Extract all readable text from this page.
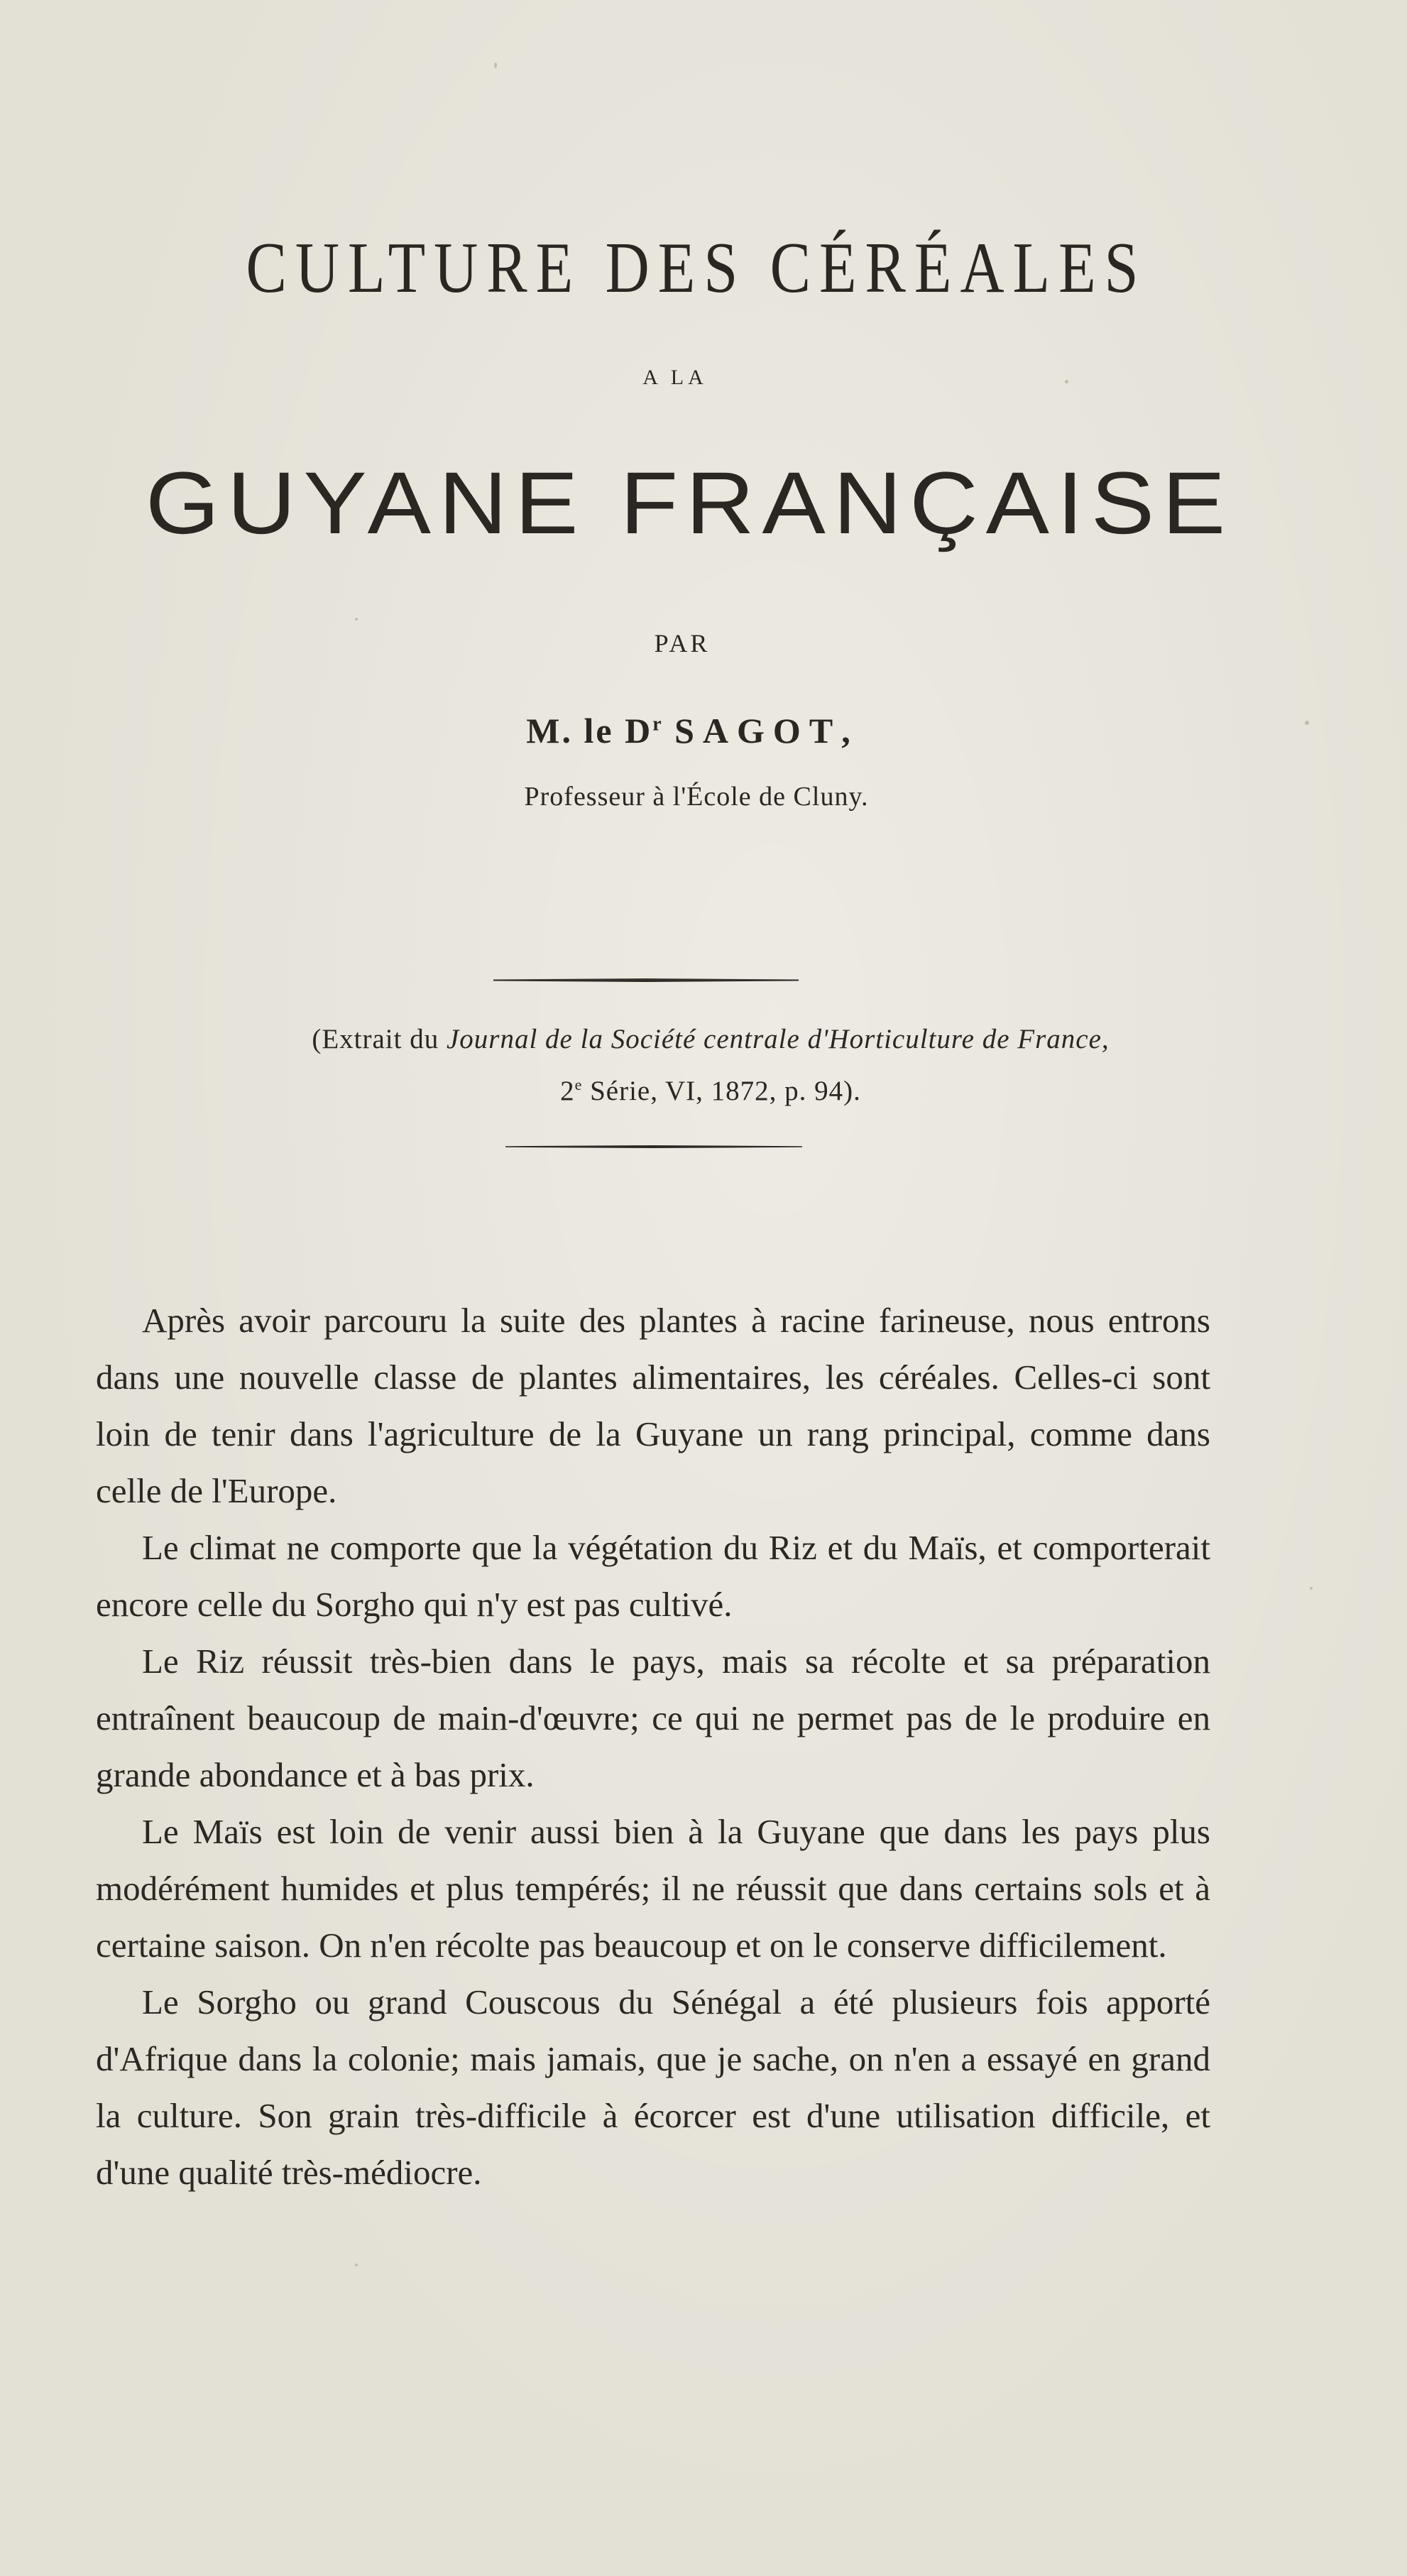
CULTURE DES CÉRÉALES
A LA
GUYANE FRANÇAISE
PAR
M. le $D^r$ SAGOT,
Professeur à l'École de Cluny.
(Extrait du Journal de la Société centrale d'Horticulture de France,
2e Série, VI, 1872, p. 94).

Après avoir parcouru la suite des plantes à racine farineuse, nous entrons dans une nouvelle classe de plantes alimentaires, les céréales. Celles-ci sont loin de tenir dans l'agriculture de la Guyane un rang principal, comme dans celle de l'Europe.

Le climat ne comporte que la végétation du Riz et du Maïs, et comporterait encore celle du Sorgho qui n'y est pas cultivé.

Le Riz réussit très-bien dans le pays, mais sa récolte et sa préparation entraînent beaucoup de main-d'œuvre; ce qui ne permet pas de le produire en grande abondance et à bas prix.

Le Maïs est loin de venir aussi bien à la Guyane que dans les pays plus modérément humides et plus tempérés; il ne réussit que dans certains sols et à certaine saison. On n'en récolte pas beaucoup et on le conserve difficilement.

Le Sorgho ou grand Couscous du Sénégal a été plusieurs fois apporté d'Afrique dans la colonie; mais jamais, que je sache, on n'en a essayé en grand la culture. Son grain très-difficile à écorcer est d'une utilisation difficile, et d'une qualité très-médiocre.
